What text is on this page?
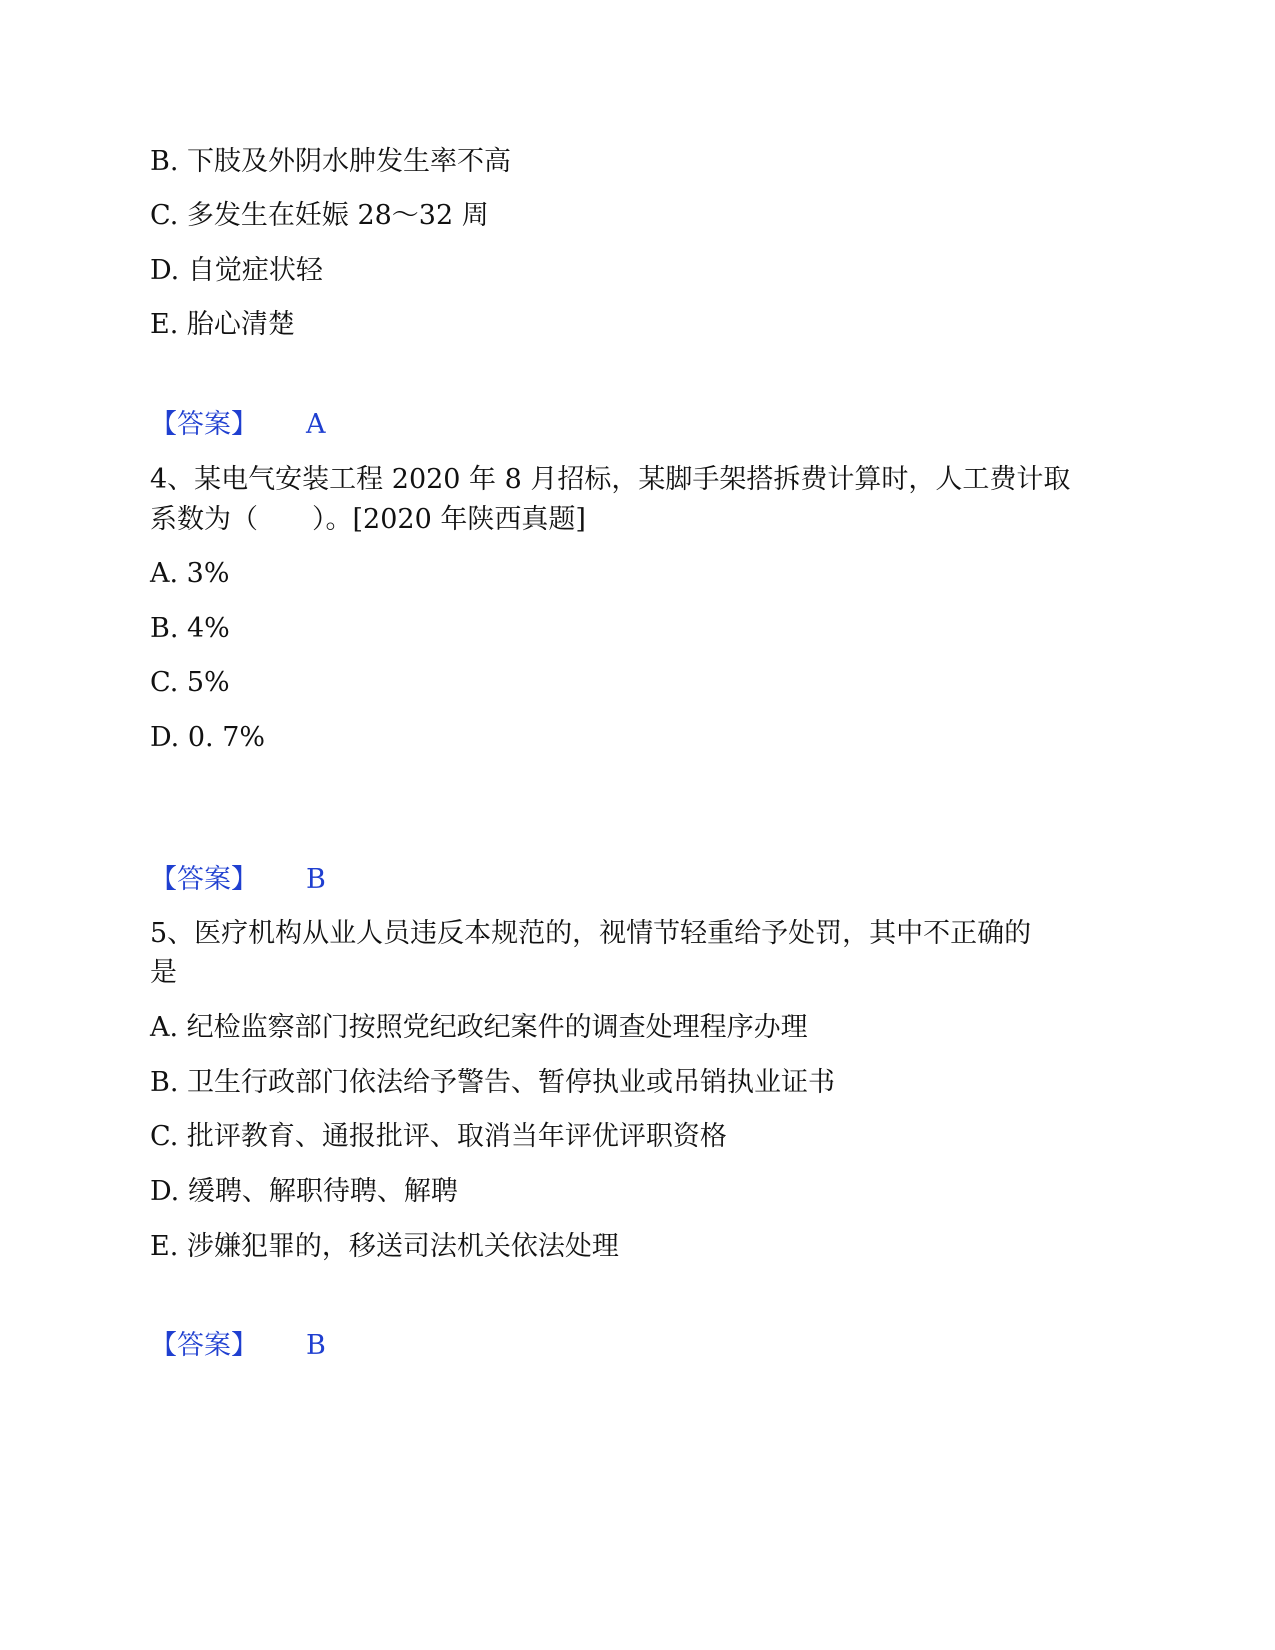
B. 下肢及外阴水肿发生率不高
C. 多发生在妊娠 28～32 周
D. 自觉症状轻
E. 胎心清楚
【答案】 A
4、某电气安装工程 2020 年 8 月招标，某脚手架搭拆费计算时，人工费计取
系数为（　　）。[2020 年陕西真题]
A. 3%
B. 4%
C. 5%
D. 0. 7%
【答案】 B
5、医疗机构从业人员违反本规范的，视情节轻重给予处罚，其中不正确的
是
A. 纪检监察部门按照党纪政纪案件的调查处理程序办理
B. 卫生行政部门依法给予警告、暂停执业或吊销执业证书
C. 批评教育、通报批评、取消当年评优评职资格
D. 缓聘、解职待聘、解聘
E. 涉嫌犯罪的，移送司法机关依法处理
【答案】 B
